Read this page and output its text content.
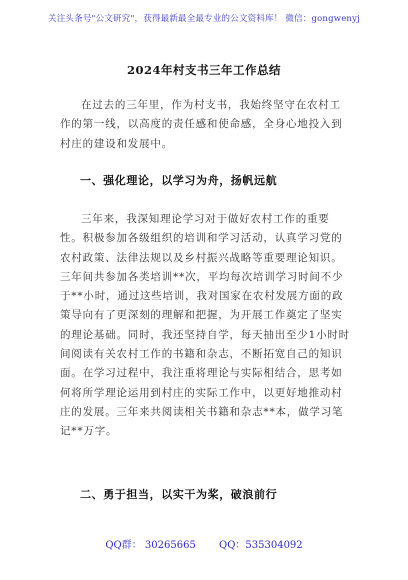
关注头条号"公文研究"，获得最新最全最专业的公文资料库！ 微信：gongwenyj
2024年村支书三年工作总结

在过去的三年里，作为村支书，我始终坚守在农村工作的第一线，以高度的责任感和使命感，全身心地投入到村庄的建设和发展中。

一、强化理论，以学习为舟，扬帆远航

三年来，我深知理论学习对于做好农村工作的重要性。积极参加各级组织的培训和学习活动，认真学习党的农村政策、法律法规以及乡村振兴战略等重要理论知识。三年间共参加各类培训**次，平均每次培训学习时间不少于**小时，通过这些培训，我对国家在农村发展方面的政策导向有了更深刻的理解和把握，为开展工作奠定了坚实的理论基础。同时，我还坚持自学，每天抽出至少1小时时间阅读有关农村工作的书籍和杂志，不断拓宽自己的知识面。在学习过程中，我注重将理论与实际相结合，思考如何将所学理论运用到村庄的实际工作中，以更好地推动村庄的发展。三年来共阅读相关书籍和杂志**本，做学习笔记**万字。

二、勇于担当，以实干为桨，破浪前行

QQ群： 30265665 QQ：535304092
